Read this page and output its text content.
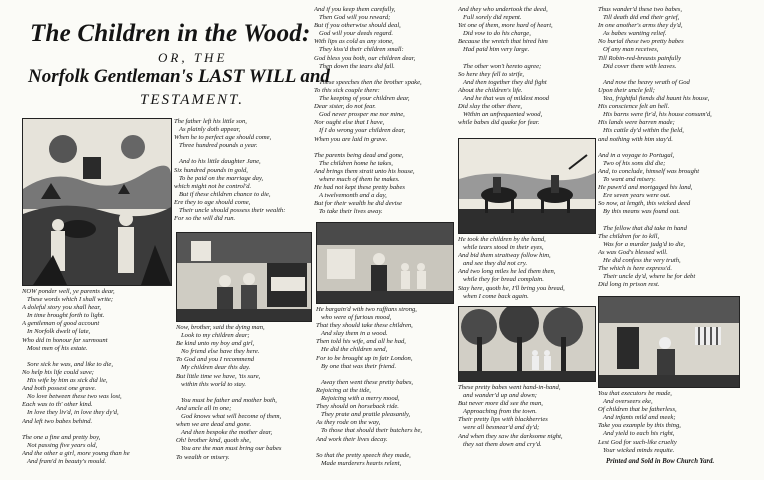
The Children in the Wood:
OR, THE
Norfolk Gentleman's LAST WILL and
TESTAMENT.
The father left his little son,
As plainly doth appear,
When he to perfect age should come,
Three hundred pounds a year.
And to his little daughter Jane,
Six hundred pounds in gold,
To be paid on the marriage day,
which might not be control'd.
But if these children chance to die,
Ere they to age should come,
Their uncle should possess their wealth:
For so the will did run.
NOW ponder well, ye parents dear,
These words which I shall write;
A doleful story you shall hear,
In time brought forth to light.
A gentleman of good account
In Norfolk dwelt of late,
Who did in honour far surmount
Most men of his estate.
Sore sick he was, and like to die,
No help his life could save;
His wife by him as sick did lie,
And both possest one grave.
No love between these two was lost,
Each was to th' other kind.
In love they liv'd, in love they dy'd,
And left two babes behind.
The one a fine and pretty boy,
Not passing five years old,
And the other a girl, more young than he
And fram'd in beauty's mould.
Now, brother, said the dying man,
Look to my children dear;
Be kind unto my boy and girl,
No friend else have they here.
To God and you I recommend
My children dear this day.
But little time we have, 'tis sure,
within this world to stay.
You must be father and mother both,
And uncle all in one;
God knows what will become of them,
when we are dead and gone.
And then bespoke the mother dear,
Oh! brother kind, quoth she,
You are the man must bring our babes
To wealth or misery.
And if you keep them carefully,
Then God will you reward;
But if you otherwise should deal,
God will your deeds regard.
With lips as cold as any stone,
They kiss'd their children small:
God bless you both, our children dear,
Then down the tears did fall.
These speeches then the brother spake,
To this sick couple there:
The keeping of your children dear,
Dear sister, do not fear.
God never prosper me nor mine,
Nor ought else that I have,
If I do wrong your children dear,
When you are laid in grave.
The parents being dead and gone,
The children home he takes,
And brings them strait unto his house,
where much of them he makes.
He had not kept these pretty babes
A twelvemonth and a day,
But for their wealth he did devise
To take their lives away.
He bargain'd with two ruffians strong,
who were of furious mood,
That they should take these children,
And slay them in a wood.
Then told his wife, and all he had,
He did the children send,
For to be brought up in fair London,
By one that was their friend.
Away then went these pretty babes,
Rejoicing at the tide,
Rejoicing with a merry mood,
They should on horseback ride.
They prate and prattle pleasantly,
As they rode on the way,
To those that should their butchers be,
And work their lives decay.
So that the pretty speech they made,
Made murderers hearts relent,
And they who undertook the deed,
Full sorely did repent.
Yet one of them, more hard of heart,
Did vow to do his charge,
Because the wretch that hired him
Had paid him very large.
The other won't hereto agree;
So here they fell to strife,
And then together they did fight
About the children's life.
And he that was of mildest mood
Did slay the other there,
Within an unfrequented wood,
while babes did quake for fear.
He took the children by the hand,
while tears stood in their eyes,
And bid them straitway follow him,
and see they did not cry.
And two long miles he led them then,
while they for bread complain.
Stay here, quoth he, I'll bring you bread,
when I come back again.
These pretty babes went hand-in-hand,
and wander'd up and down;
But never more did see the man,
Approaching from the town.
Their pretty lips with blackberries
were all besmear'd and dy'd;
And when they saw the darksome night,
they sat them down and cry'd.
Thus wander'd these two babes,
Till death did end their grief,
In one another's arms they dy'd,
As babes wanting relief.
No burial these two pretty babes
Of any man receives,
Till Robin-red-breasts painfully
Did cover them with leaves.
And now the heavy wrath of God
Upon their uncle fell;
Yea, frightful fiends did haunt his house,
His conscience felt an hell.
His barns were fir'd, his house consum'd,
His lands were barren made;
His cattle dy'd within the field,
and nothing with him stay'd.
And in a voyage to Portugal,
Two of his sons did die;
And, to conclude, himself was brought
To want and misery.
He pawn'd and mortgaged his land,
Ere seven years were out.
So now, at length, this wicked deed
By this means was found out.
The fellow that did take in hand
The children for to kill,
Was for a murder judg'd to die,
As was God's blessed will.
He did confess the very truth,
The which is here express'd.
Their uncle dy'd, where he for debt
Did long in prison rest.
You that executors be made,
And overseers eke,
Of children that be fatherless,
And infants mild and meek;
Take you example by this thing,
And yield to each his right,
Lest God for such-like cruelty
Your wicked minds requite.
Printed and Sold in Bow Church Yard.
